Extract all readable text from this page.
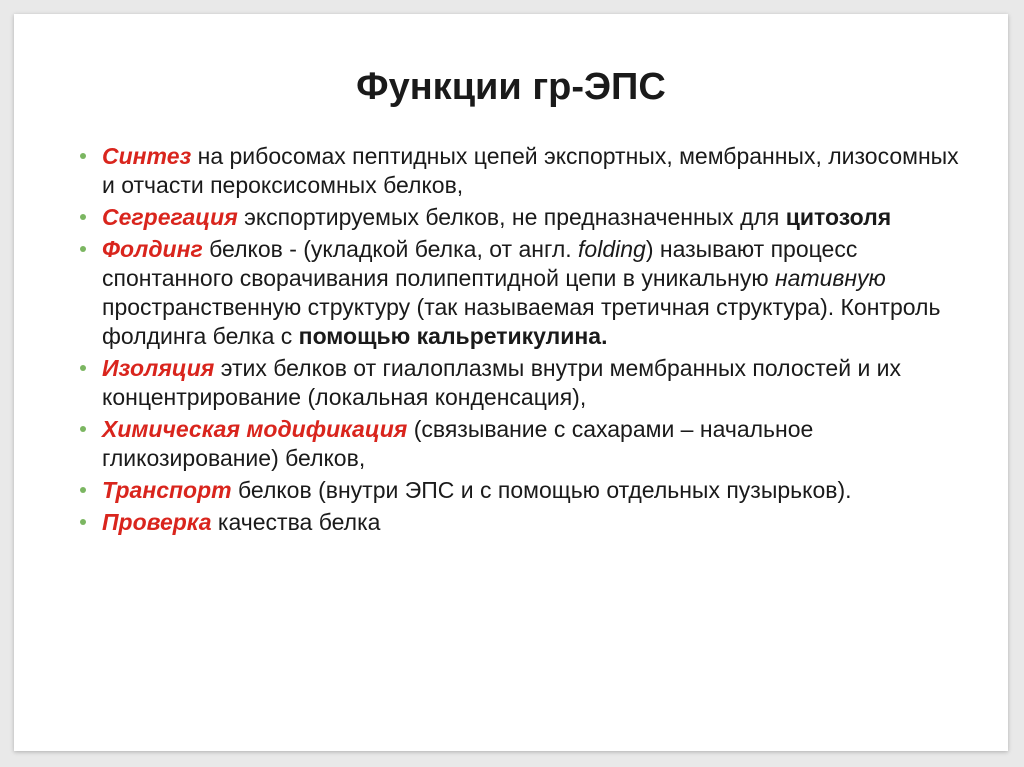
Функции гр-ЭПС
Синтез на рибосомах пептидных цепей экспортных, мембранных, лизосомных и отчасти пероксисомных белков,
Сегрегация экспортируемых белков, не предназначенных для цитозоля
Фолдинг белков - (укладкой белка, от англ. folding) называют процесс спонтанного сворачивания полипептидной цепи в уникальную нативную пространственную структуру (так называемая третичная структура). Контроль фолдинга белка с помощью кальретикулина.
Изоляция этих белков от гиалоплазмы внутри мембранных полостей и их концентрирование (локальная конденсация),
Химическая модификация (связывание с сахарами – начальное гликозирование) белков,
Транспорт белков (внутри ЭПС и с помощью отдельных пузырьков).
Проверка качества белка
